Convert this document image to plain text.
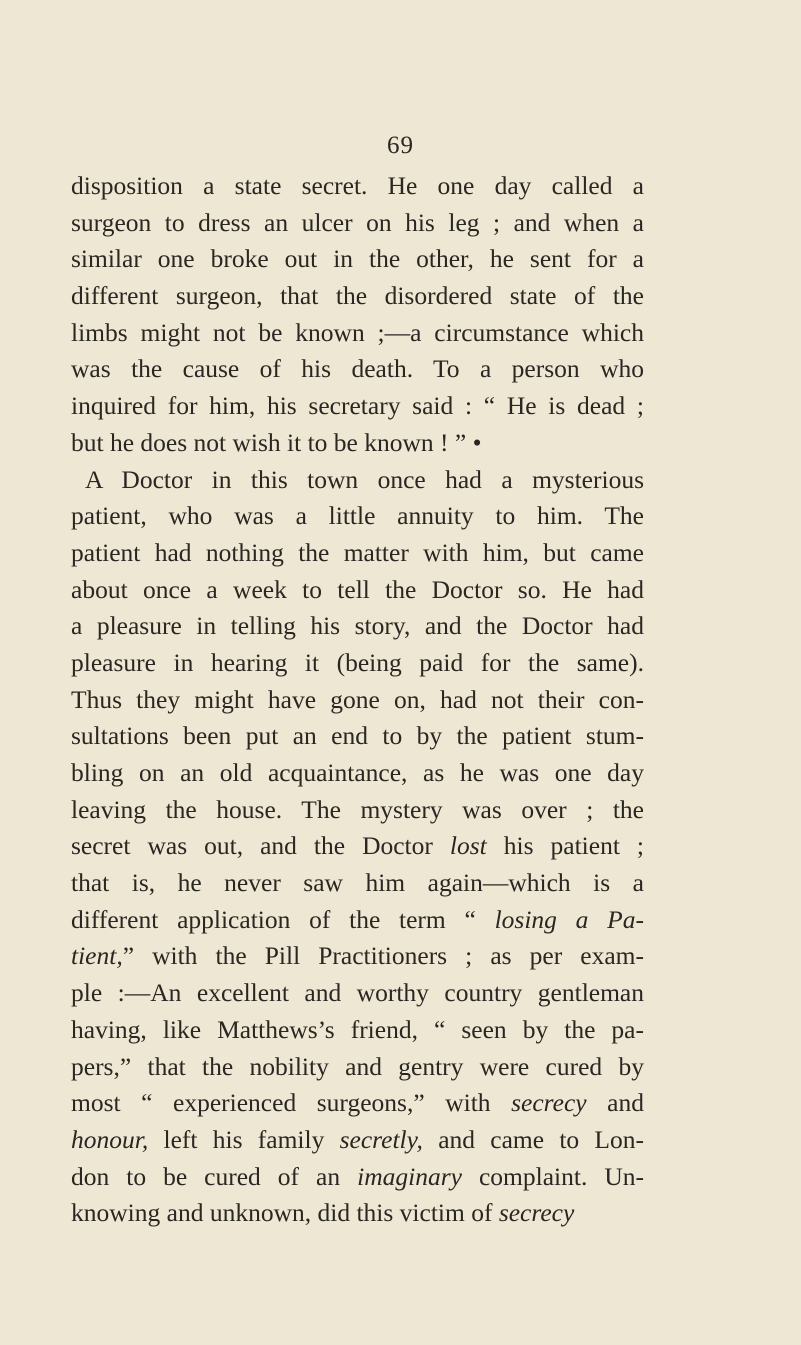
69
disposition a state secret. He one day called a
surgeon to dress an ulcer on his leg ; and when a
similar one broke out in the other, he sent for a
different surgeon, that the disordered state of the
limbs might not be known ;—a circumstance which
was the cause of his death. To a person who
inquired for him, his secretary said : “ He is dead ;
but he does not wish it to be known ! ” •
A Doctor in this town once had a mysterious
patient, who was a little annuity to him. The
patient had nothing the matter with him, but came
about once a week to tell the Doctor so. He had
a pleasure in telling his story, and the Doctor had
pleasure in hearing it (being paid for the same).
Thus they might have gone on, had not their con-
sultations been put an end to by the patient stum-
bling on an old acquaintance, as he was one day
leaving the house. The mystery was over ; the
secret was out, and the Doctor lost his patient ;
that is, he never saw him again—which is a
different application of the term “ losing a Pa-
tient,” with the Pill Practitioners ; as per exam-
ple :—An excellent and worthy country gentleman
having, like Matthews’s friend, “ seen by the pa-
pers,” that the nobility and gentry were cured by
most “ experienced surgeons,” with secrecy and
honour, left his family secretly, and came to Lon-
don to be cured of an imaginary complaint. Un-
knowing and unknown, did this victim of secrecy
